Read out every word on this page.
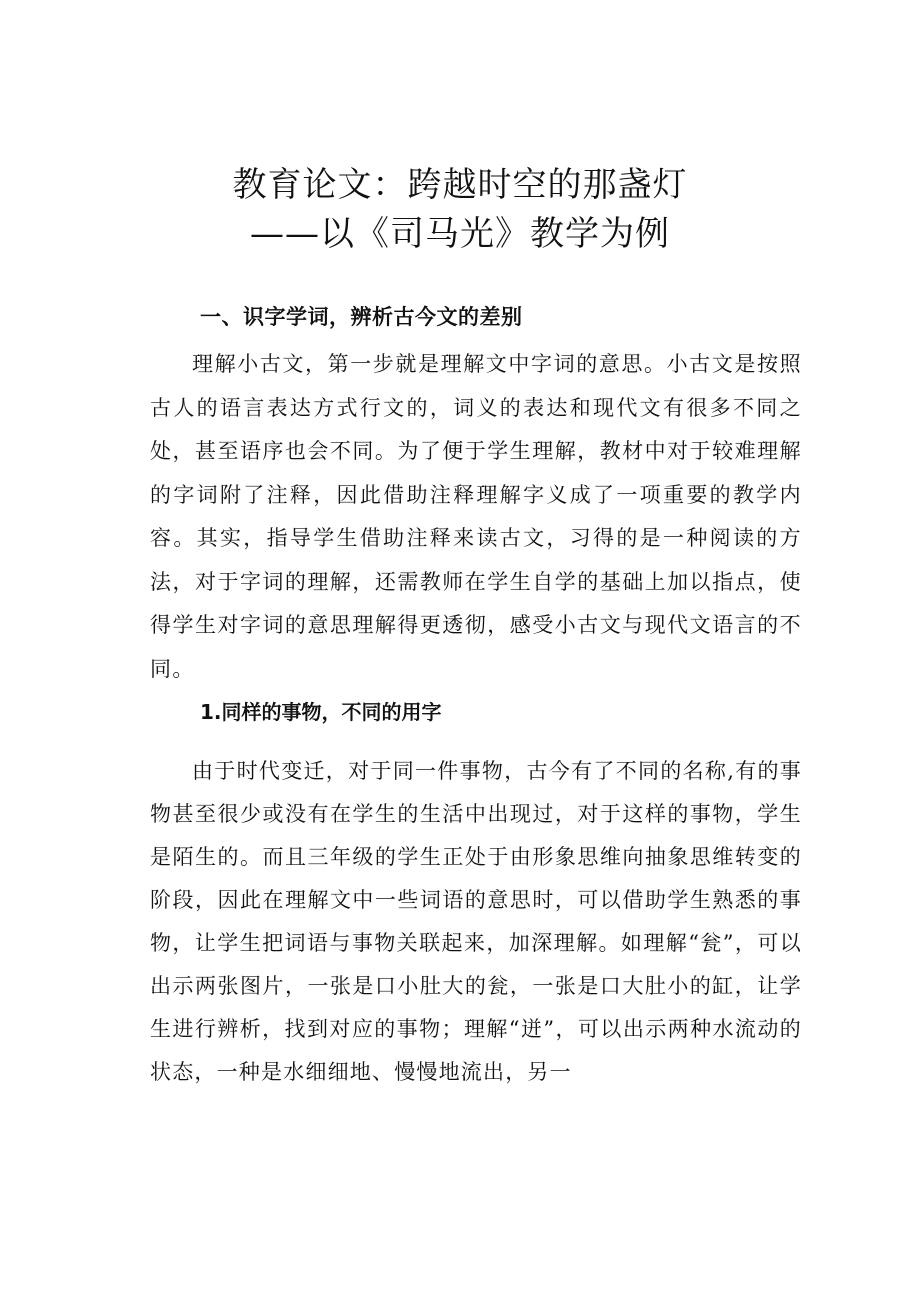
教育论文：跨越时空的那盏灯
——以《司马光》教学为例
一、识字学词，辨析古今文的差别

理解小古文，第一步就是理解文中字词的意思。小古文是按照古人的语言表达方式行文的，词义的表达和现代文有很多不同之处，甚至语序也会不同。为了便于学生理解，教材中对于较难理解的字词附了注释，因此借助注释理解字义成了一项重要的教学内容。其实，指导学生借助注释来读古文，习得的是一种阅读的方法，对于字词的理解，还需教师在学生自学的基础上加以指点，使得学生对字词的意思理解得更透彻，感受小古文与现代文语言的不同。

1.同样的事物，不同的用字

由于时代变迁，对于同一件事物，古今有了不同的名称,有的事物甚至很少或没有在学生的生活中出现过，对于这样的事物，学生是陌生的。而且三年级的学生正处于由形象思维向抽象思维转变的阶段，因此在理解文中一些词语的意思时，可以借助学生熟悉的事物，让学生把词语与事物关联起来，加深理解。如理解“瓮”，可以出示两张图片，一张是口小肚大的瓮，一张是口大肚小的缸，让学生进行辨析，找到对应的事物；理解“迸”，可以出示两种水流动的状态，一种是水细细地、慢慢地流出，另一
